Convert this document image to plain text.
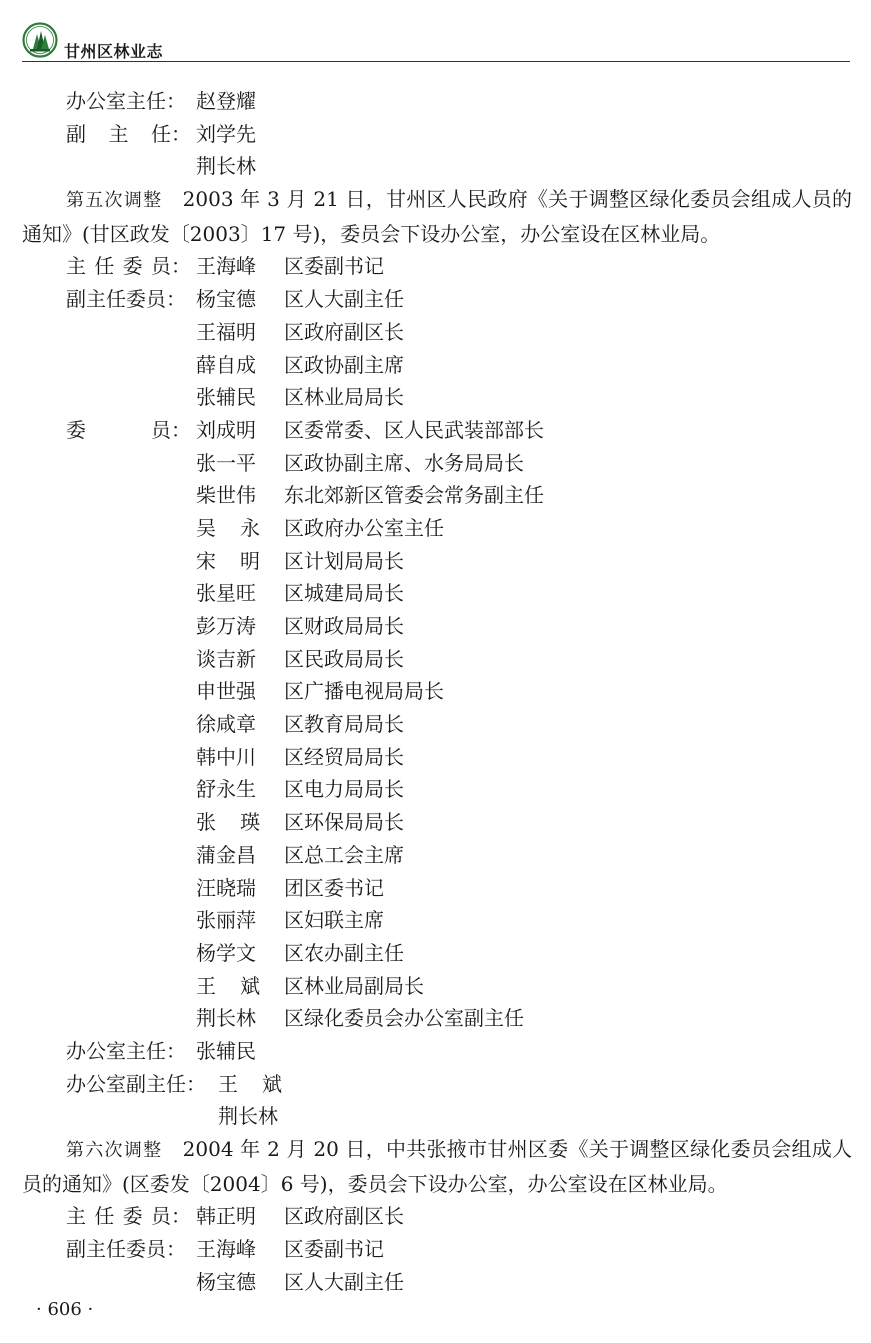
甘州区林业志
办公室主任： 赵登耀
副主任： 刘学先
荆长林
第五次调整　 2003 年 3 月 21 日，甘州区人民政府《关于调整区绿化委员会组成人员的通知》(甘区政发〔2003〕17 号)，委员会下设办公室，办公室设在区林业局。
主任委员： 王海峰 区委副书记
副主任委员： 杨宝德 区人大副主任
王福明 区政府副区长
薛自成 区政协副主席
张辅民 区林业局局长
委员： 刘成明 区委常委、区人民武装部部长
张一平 区政协副主席、水务局局长
柴世伟 东北郊新区管委会常务副主任
吴永 区政府办公室主任
宋明 区计划局局长
张星旺 区城建局局长
彭万涛 区财政局局长
谈吉新 区民政局局长
申世强 区广播电视局局长
徐咸章 区教育局局长
韩中川 区经贸局局长
舒永生 区电力局局长
张瑛 区环保局局长
蒲金昌 区总工会主席
汪晓瑞 团区委书记
张丽萍 区妇联主席
杨学文 区农办副主任
王斌 区林业局副局长
荆长林 区绿化委员会办公室副主任
办公室主任： 张辅民
办公室副主任： 王斌
荆长林
第六次调整　 2004 年 2 月 20 日，中共张掖市甘州区委《关于调整区绿化委员会组成人员的通知》(区委发〔2004〕6 号)，委员会下设办公室，办公室设在区林业局。
主任委员： 韩正明 区政府副区长
副主任委员： 王海峰 区委副书记
杨宝德 区人大副主任
· 606 ·
